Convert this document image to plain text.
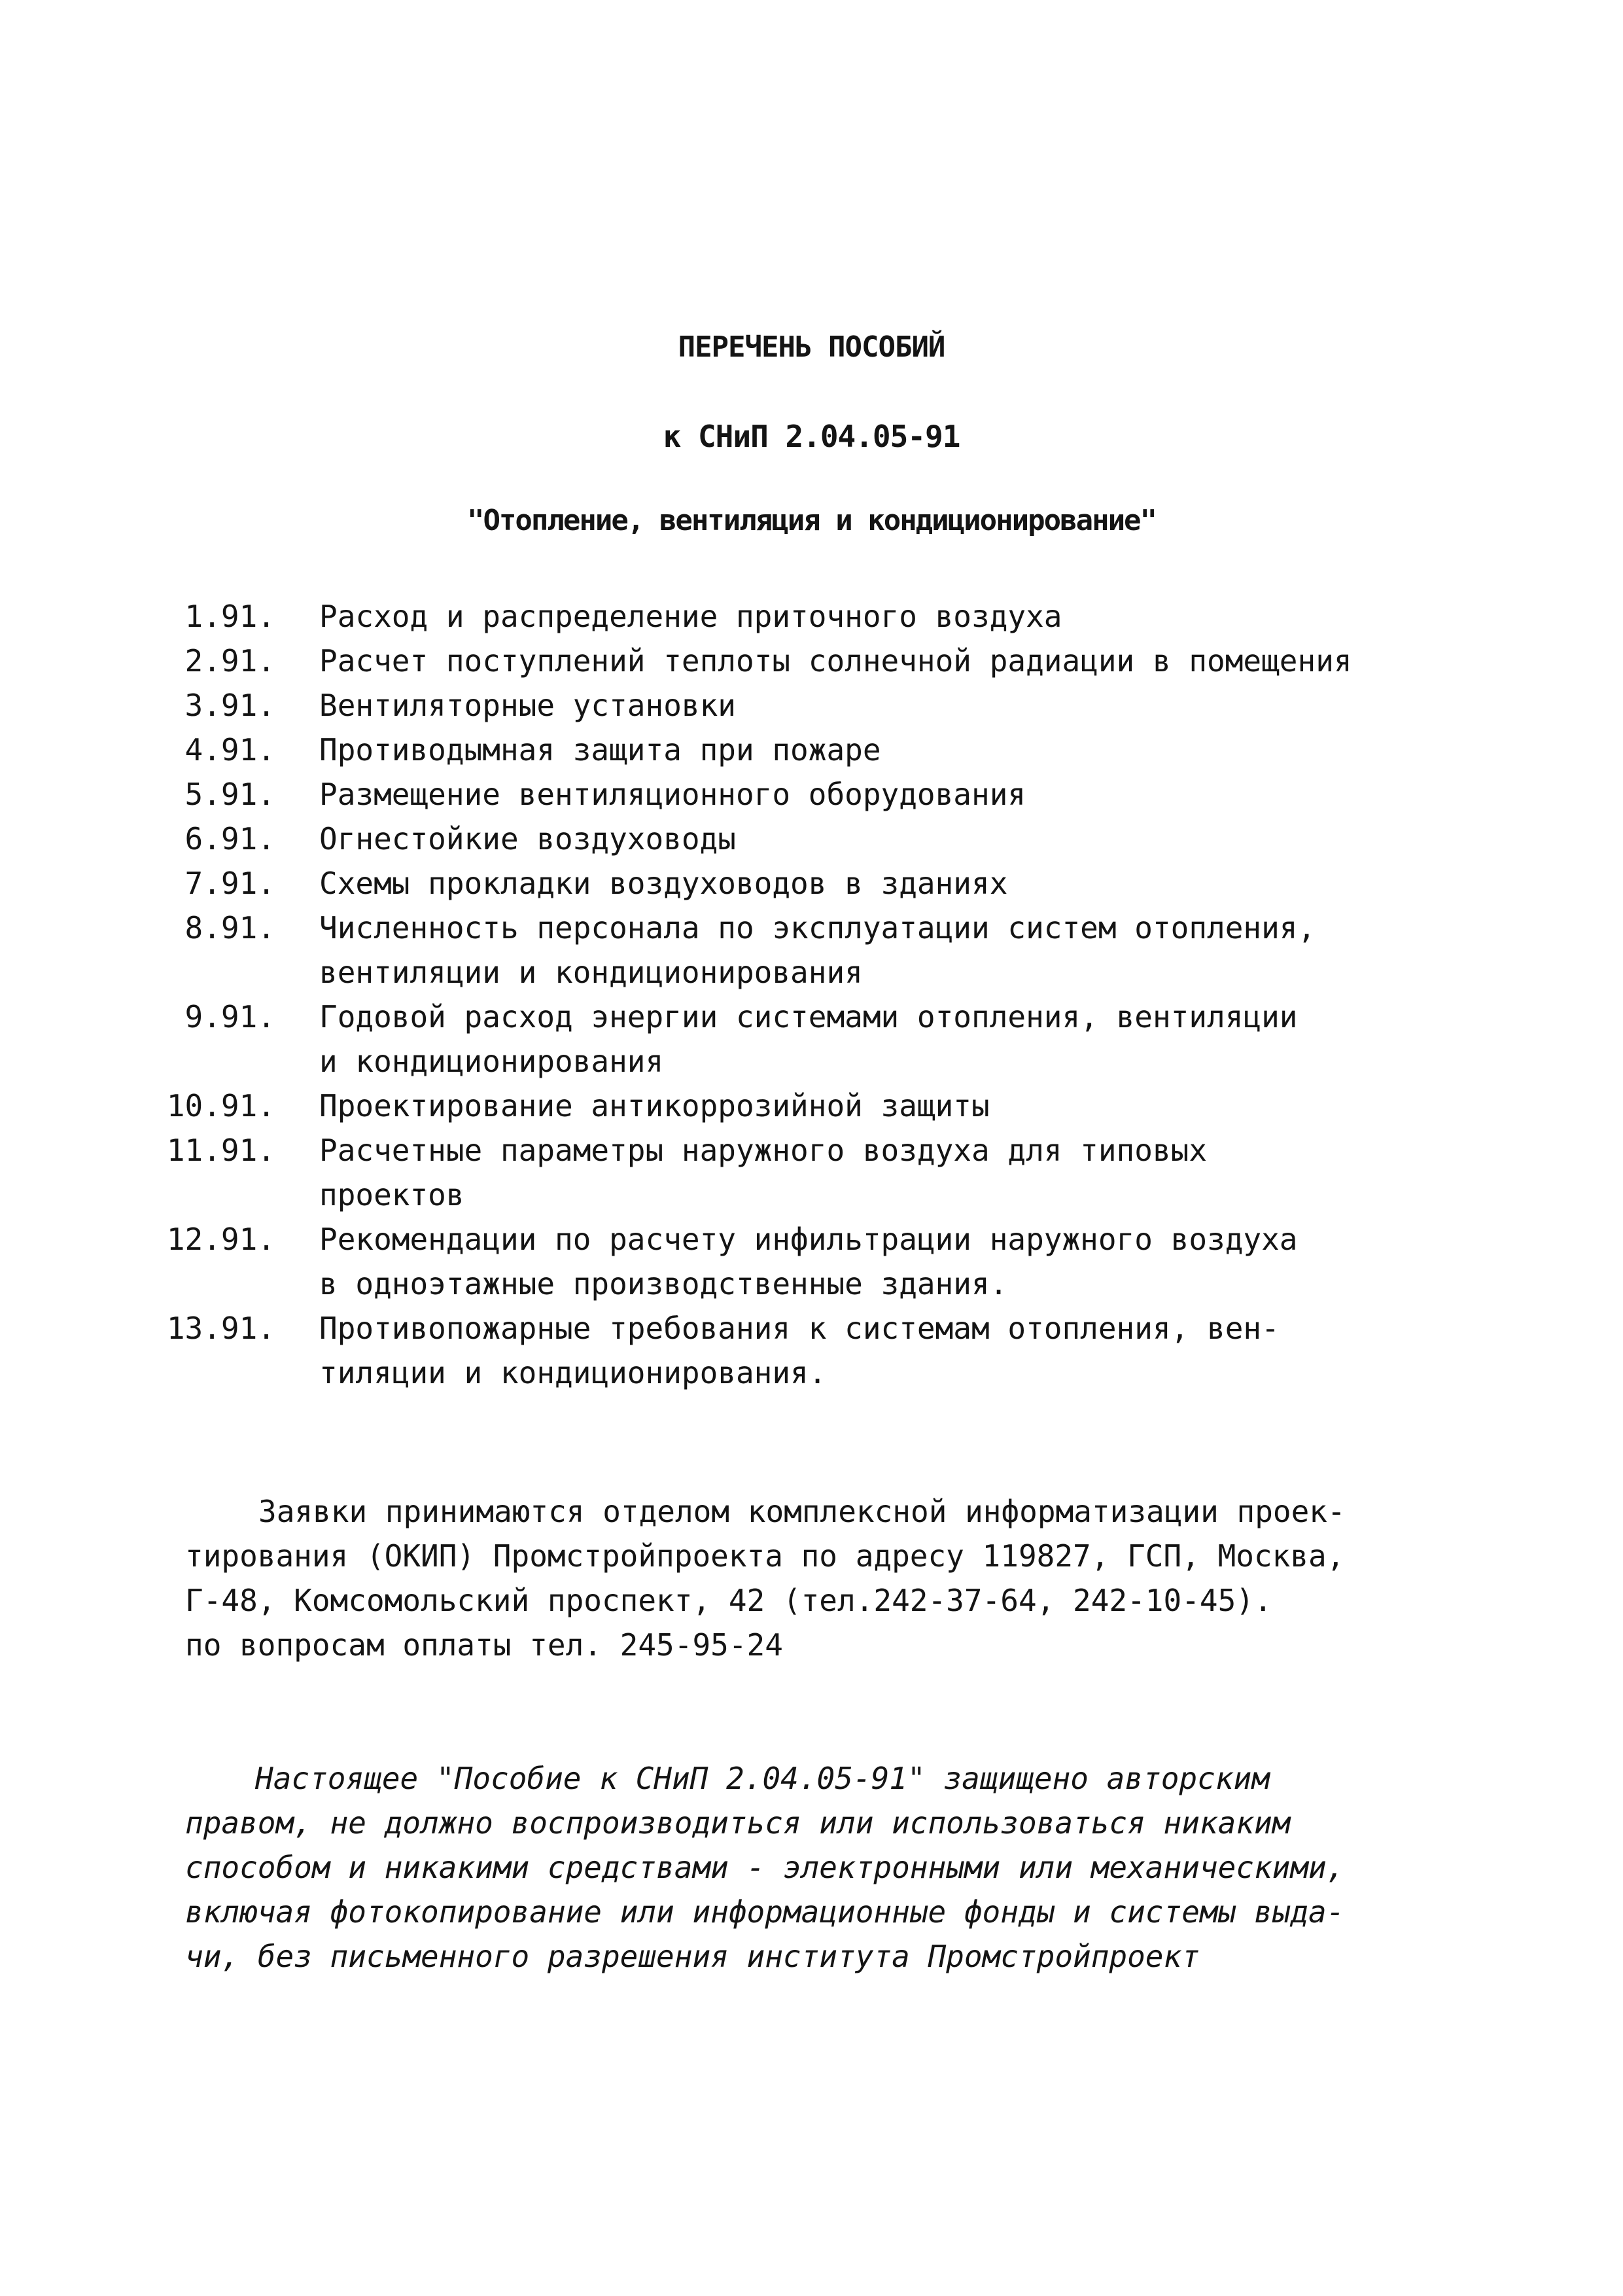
ПЕРЕЧЕНЬ ПОСОБИЙ
к СНиП 2.04.05-91
"Отопление, вентиляция и кондиционирование"
1.91. Расход и распределение приточного воздуха
2.91. Расчет поступлений теплоты солнечной радиации в помещения
3.91. Вентиляторные установки
4.91. Противодымная защита при пожаре
5.91. Размещение вентиляционного оборудования
6.91. Огнестойкие воздуховоды
7.91. Схемы прокладки воздуховодов в зданиях
8.91. Численность персонала по эксплуатации систем отопления,
вентиляции и кондиционирования
9.91. Годовой расход энергии системами отопления, вентиляции
и кондиционирования
10.91. Проектирование антикоррозийной защиты
11.91. Расчетные параметры наружного воздуха для типовых
проектов
12.91. Рекомендации по расчету инфильтрации наружного воздуха
в одноэтажные производственные здания.
13.91. Противопожарные требования к системам отопления, вен-
тиляции и кондиционирования.
Заявки принимаются отделом комплексной информатизации проек-
тирования (ОКИП) Промстройпроекта по адресу 119827, ГСП, Москва,
Г-48, Комсомольский проспект, 42 (тел.242-37-64, 242-10-45).
по вопросам оплаты тел. 245-95-24
Настоящее "Пособие к СНиП 2.04.05-91" защищено авторским
правом, не должно воспроизводиться или использоваться никаким
способом и никакими средствами - электронными или механическими,
включая фотокопирование или информационные фонды и системы выда-
чи, без письменного разрешения института Промстройпроект
